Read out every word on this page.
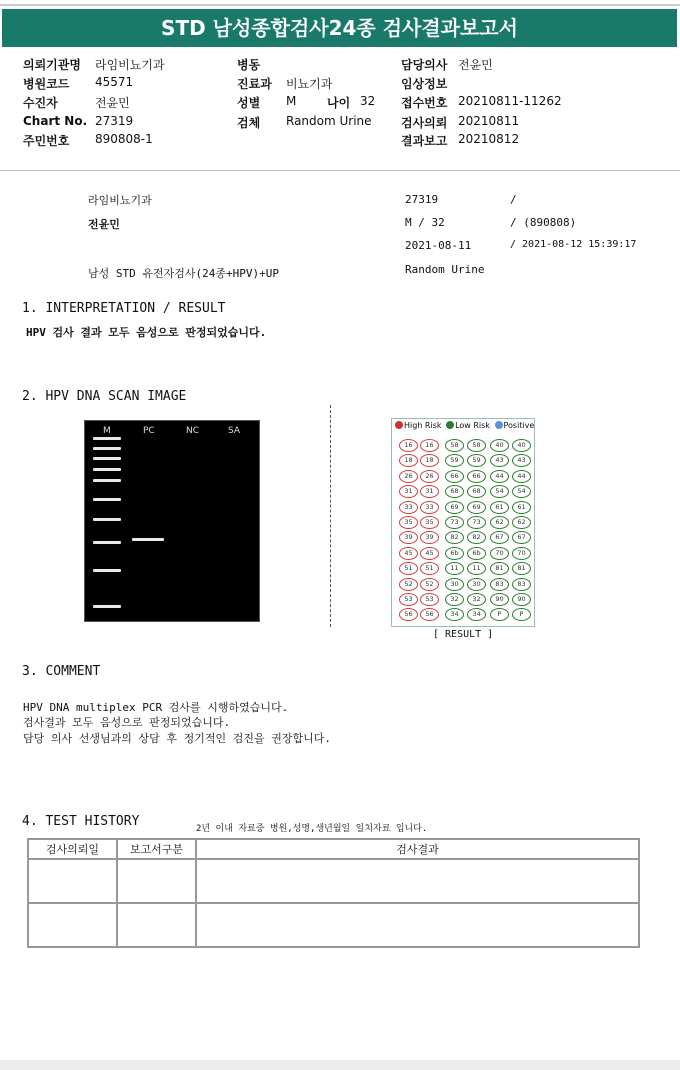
STD 남성종합검사24종 검사결과보고서
의뢰기관명 라임비뇨기과
병원코드 45571
수진자	전윤민
Chart No. 27319
주민번호 890808-1
병동
진료과 비뇨기과
성별 M	나이 32
검체 Random Urine
담당의사 전윤민
임상정보
접수번호 20210811-11262
검사의뢰 20210811
결과보고 20210812
라임비뇨기과	27319	/
전윤민	M / 32	/ (890808)
2021-08-11	/ 2021-08-12 15:39:17
남성 STD 유전자검사(24종+HPV)+UP	Random Urine
1. INTERPRETATION / RESULT
HPV 검사 결과 모두 음성으로 판정되었습니다.
2. HPV DNA SCAN IMAGE
M	PC	NC	SA
High Risk Low Risk Positive
16	16	58	58	40	40
18	18	59	59	43	43
26	26	66	66	44	44
31	31	68	68	54	54
33	33	69	69	61	61
35	35	73	73	62	62
39	39	82	82	67	67
45	45	6b	6b	70	70
51	51	11	11	81	81
52	52	30	30	83	83
53	53	32	32	90	90
56	56	34	34	P	P
[ RESULT ]
3. COMMENT
HPV DNA multiplex PCR 검사를 시행하였습니다.
검사결과 모두 음성으로 판정되었습니다.
담당 의사 선생님과의 상담 후 정기적인 검진을 권장합니다.
4. TEST HISTORY	2년 이내 자료중 병원,성명,생년월일 일치자료 입니다.
검사의뢰일	보고서구분	검사결과
